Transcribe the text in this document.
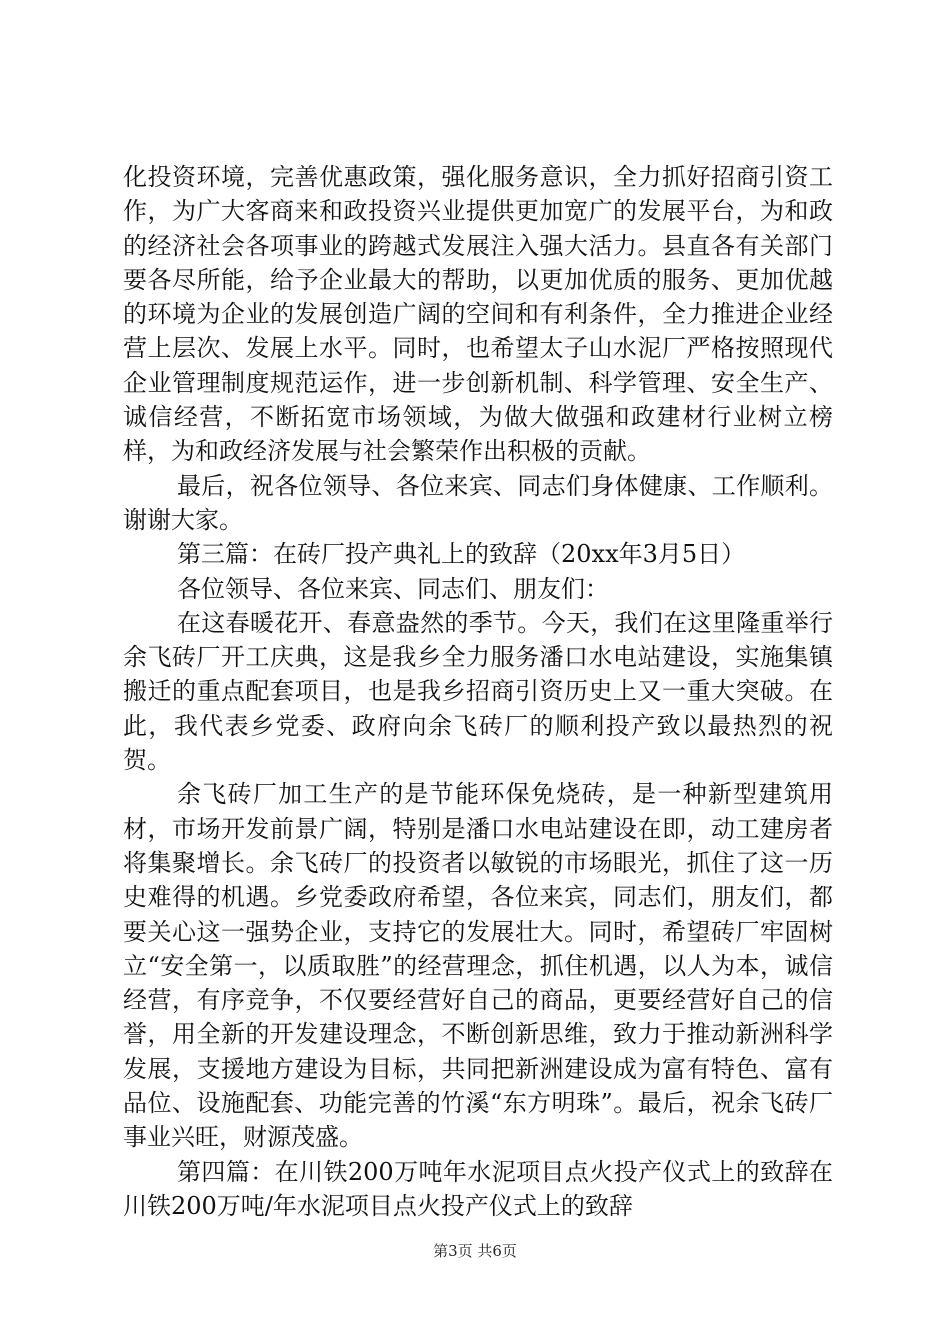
化投资环境，完善优惠政策，强化服务意识，全力抓好招商引资工作，为广大客商来和政投资兴业提供更加宽广的发展平台，为和政的经济社会各项事业的跨越式发展注入强大活力。县直各有关部门要各尽所能，给予企业最大的帮助，以更加优质的服务、更加优越的环境为企业的发展创造广阔的空间和有利条件，全力推进企业经营上层次、发展上水平。同时，也希望太子山水泥厂严格按照现代企业管理制度规范运作，进一步创新机制、科学管理、安全生产、诚信经营，不断拓宽市场领域，为做大做强和政建材行业树立榜样，为和政经济发展与社会繁荣作出积极的贡献。

最后，祝各位领导、各位来宾、同志们身体健康、工作顺利。谢谢大家。

第三篇：在砖厂投产典礼上的致辞（20xx年3月5日）

各位领导、各位来宾、同志们、朋友们：

在这春暖花开、春意盎然的季节。今天，我们在这里隆重举行余飞砖厂开工庆典，这是我乡全力服务潘口水电站建设，实施集镇搬迁的重点配套项目，也是我乡招商引资历史上又一重大突破。在此，我代表乡党委、政府向余飞砖厂的顺利投产致以最热烈的祝贺。

余飞砖厂加工生产的是节能环保免烧砖，是一种新型建筑用材，市场开发前景广阔，特别是潘口水电站建设在即，动工建房者将集聚增长。余飞砖厂的投资者以敏锐的市场眼光，抓住了这一历史难得的机遇。乡党委政府希望，各位来宾，同志们，朋友们，都要关心这一强势企业，支持它的发展壮大。同时，希望砖厂牢固树立“安全第一，以质取胜”的经营理念，抓住机遇，以人为本，诚信经营，有序竞争，不仅要经营好自己的商品，更要经营好自己的信誉，用全新的开发建设理念，不断创新思维，致力于推动新洲科学发展，支援地方建设为目标，共同把新洲建设成为富有特色、富有品位、设施配套、功能完善的竹溪“东方明珠”。最后，祝余飞砖厂事业兴旺，财源茂盛。

第四篇：在川铁200万吨年水泥项目点火投产仪式上的致辞在川铁200万吨/年水泥项目点火投产仪式上的致辞

第3页 共6页
